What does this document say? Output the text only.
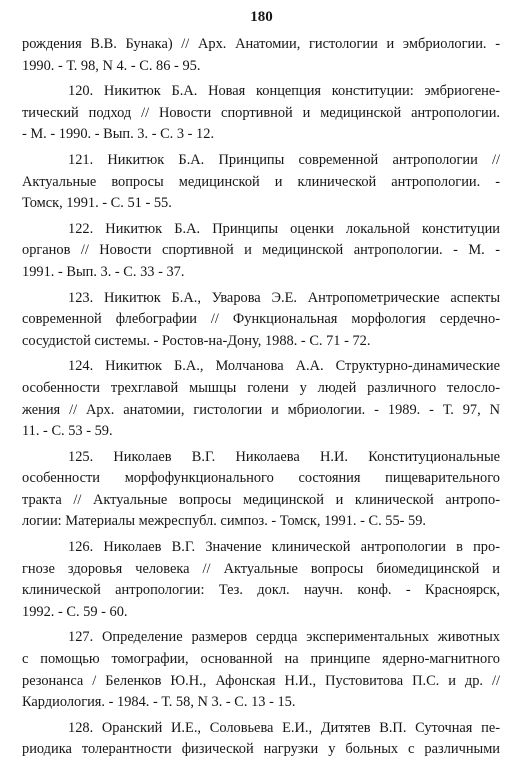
180
рождения В.В. Бунака) // Арх. Анатомии, гистологии и эмбриологии. -
1990. - Т. 98, N 4. - С. 86 - 95.
120. Никитюк Б.А. Новая концепция конституции: эмбриогене-
тический подход // Новости спортивной и медицинской антропологии.
- М. - 1990. - Вып. 3. - С. 3 - 12.
121. Никитюк Б.А. Принципы современной антропологии //
Актуальные вопросы медицинской и клинической антропологии. -
Томск, 1991. - С. 51 - 55.
122. Никитюк Б.А. Принципы оценки локальной конституции
органов // Новости спортивной и медицинской антропологии. - М. -
1991. - Вып. 3. - С. 33 - 37.
123. Никитюк Б.А., Уварова Э.Е. Антропометрические аспекты
современной флебографии // Функциональная морфология сердечно-
сосудистой системы. - Ростов-на-Дону, 1988. - С. 71 - 72.
124. Никитюк Б.А., Молчанова А.А. Структурно-динамические
особенности трехглавой мышцы голени у людей различного телосло-
жения // Арх. анатомии, гистологии и мбриологии. - 1989. - Т. 97, N
11. - С. 53 - 59.
125. Николаев В.Г. Николаева Н.И. Конституциональные
особенности морфофункционального состояния пищеварительного
тракта // Актуальные вопросы медицинской и клинической антропо-
логии: Материалы межреспубл. симпоз. - Томск, 1991. - С. 55- 59.
126. Николаев В.Г. Значение клинической антропологии в про-
гнозе здоровья человека // Актуальные вопросы биомедицинской и
клинической антропологии: Тез. докл. научн. конф. - Красноярск,
1992. - С. 59 - 60.
127. Определение размеров сердца экспериментальных животных
с помощью томографии, основанной на принципе ядерно-магнитного
резонанса / Беленков Ю.Н., Афонская Н.И., Пустовитова П.С. и др. //
Кардиология. - 1984. - Т. 58, N 3. - С. 13 - 15.
128. Оранский И.Е., Соловьева Е.И., Дитятев В.П. Суточная пе-
риодика толерантности физической нагрузки у больных с различными
